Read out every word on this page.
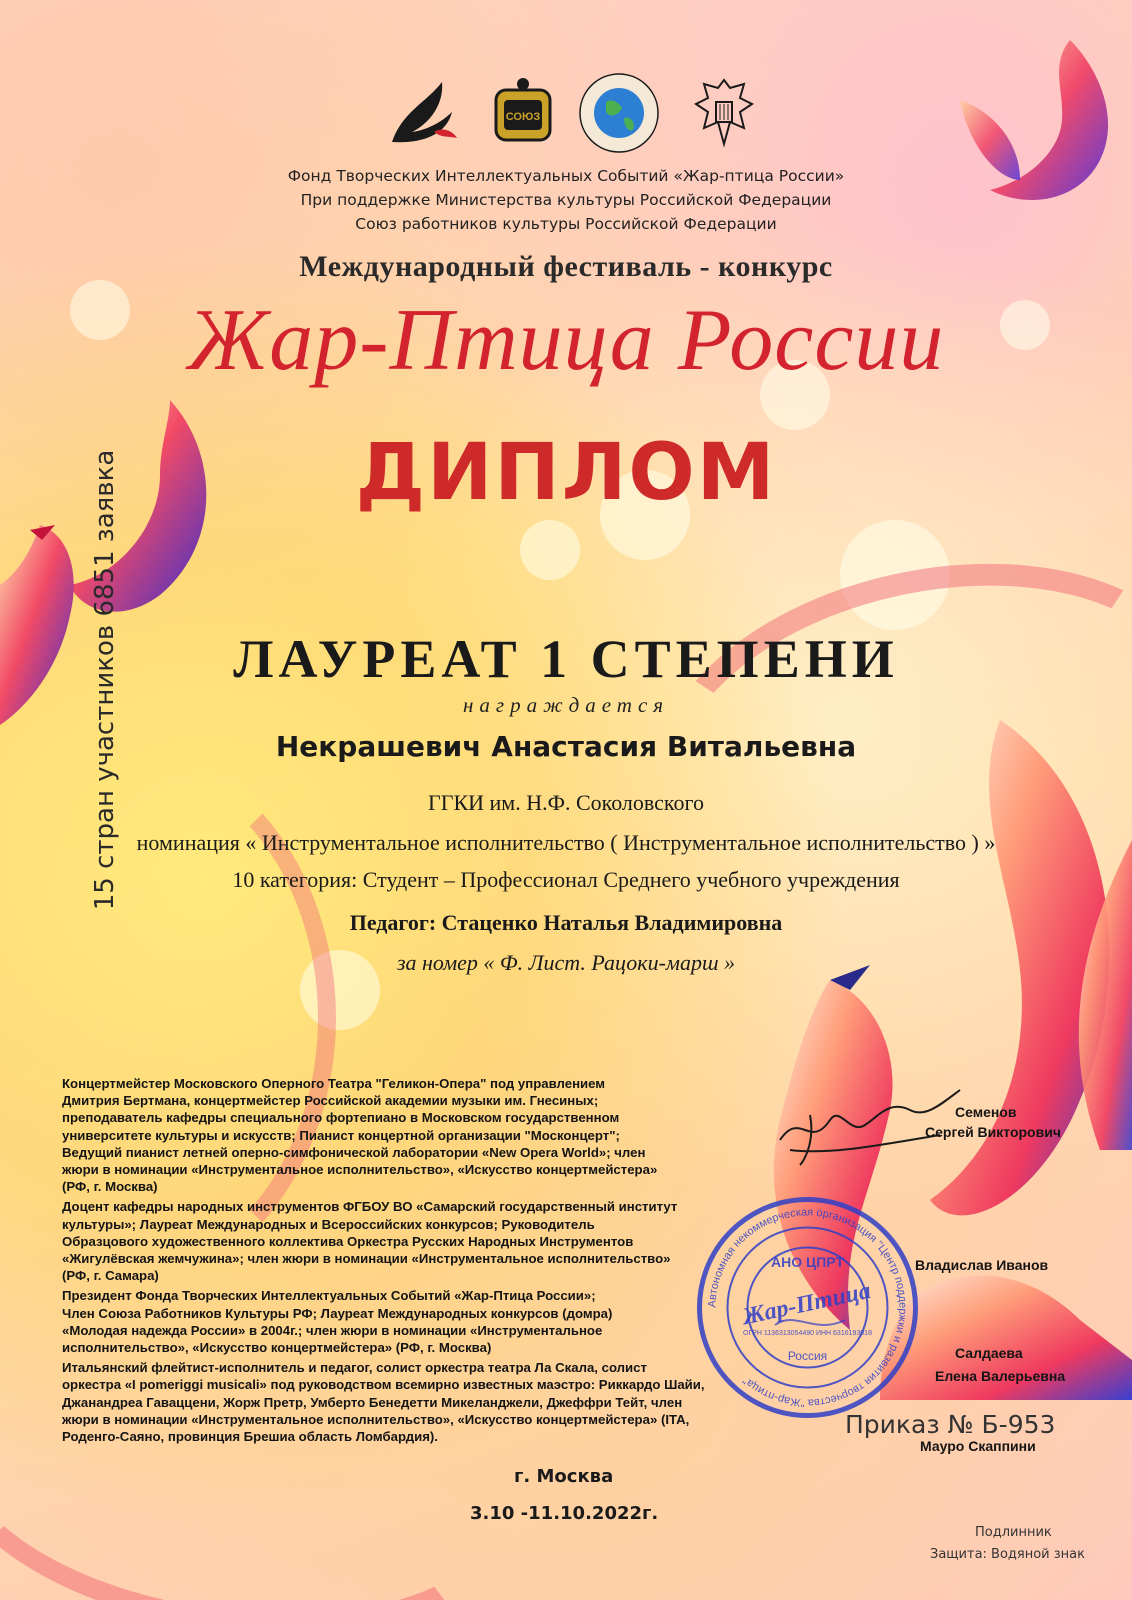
СОЮЗ
Фонд Творческих Интеллектуальных Событий «Жар-птица России»
При поддержке Министерства культуры Российской Федерации
Союз работников культуры Российской Федерации
Международный фестиваль - конкурс
Жар-Птица России
ДИПЛОМ
15 стран участников 6851 заявка	ЛАУРЕАТ 1 СТЕПЕНИ
награждается
Некрашевич Анастасия Витальевна
ГГКИ им. Н.Ф. Соколовского
номинация « Инструментальное исполнительство ( Инструментальное исполнительство ) »
10 категория: Студент – Профессионал Среднего учебного учреждения
Педагог: Стаценко Наталья Владимировна
за номер « Ф. Лист. Рацоки-марш »
Концертмейстер Московского Оперного Театра "Геликон-Опера" под управлением
Дмитрия Бертмана, концертмейстер Российской академии музыки им. Гнесиных;
преподаватель кафедры специального фортепиано в Московском государственном
университете культуры и искусств; Пианист концертной организации "Москонцерт";
Ведущий пианист летней оперно-симфонической лаборатории «New Opera World»; член
жюри в номинации «Инструментальное исполнительство», «Искусство концертмейстера»
(РФ, г. Москва)
Доцент кафедры народных инструментов ФГБОУ ВО «Самарский государственный институт
культуры»; Лауреат Международных и Всероссийских конкурсов; Руководитель
Образцового художественного коллектива Оркестра Русских Народных Инструментов
«Жигулёвская жемчужина»; член жюри в номинации «Инструментальное исполнительство»
(РФ, г. Самара)
Президент Фонда Творческих Интеллектуальных Событий «Жар-Птица России»;
Член Союза Работников Культуры РФ; Лауреат Международных конкурсов (домра)
«Молодая надежда России» в 2004г.; член жюри в номинации «Инструментальное
исполнительство», «Искусство концертмейстера» (РФ, г. Москва)
Итальянский флейтист-исполнитель и педагог, солист оркестра театра Ла Скала, солист
оркестра «I pomeriggi musicali» под руководством всемирно известных маэстро: Риккардо Шайи,
Джанандреа Гаваццени, Жорж Претр, Умберто Бенедетти Микеланджели, Джеффри Тейт, член
жюри в номинации «Инструментальное исполнительство», «Искусство концертмейстера» (ITA,
Роденго-Саяно, провинция Брешиа область Ломбардия).
Семенов
Сергей Викторович
Владислав Иванов
Салдаева
Елена Валерьевна
Мауро Скаппини
Автономная некоммерческая организация "Центр поддержки и развития творчества "Жар-птица"
АНО ЦПРТ
Жар-Птица
Россия
ОГРН 1136313054490 ИНН 6316193018
г. Москва
3.10 -11.10.2022г.
Приказ № Б-953
Подлинник
Защита: Водяной знак
